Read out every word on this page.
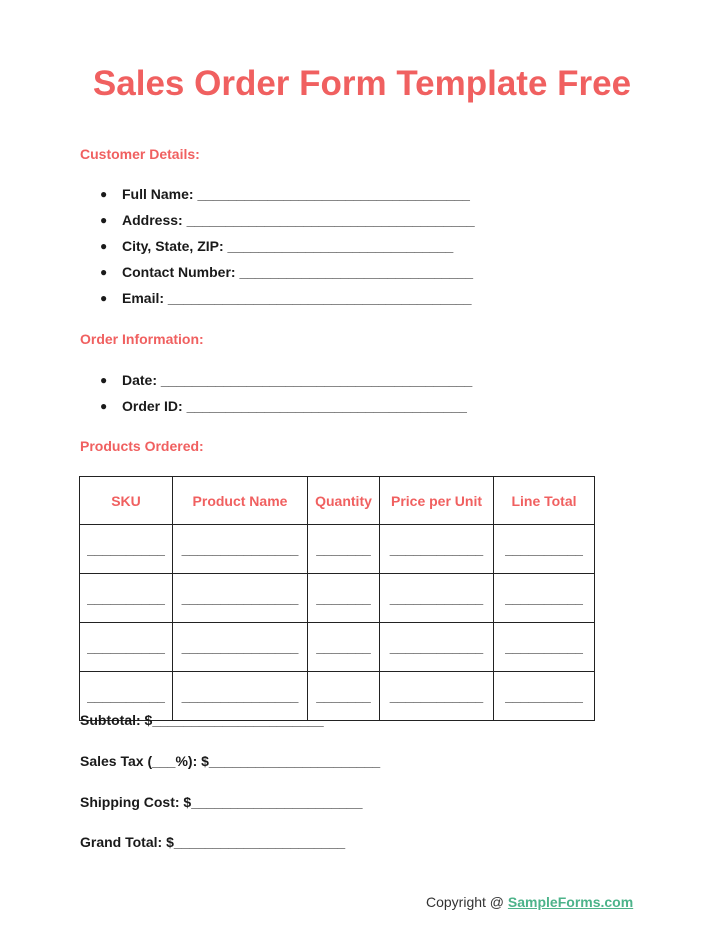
Sales Order Form Template Free
Customer Details:
●	Full Name: ___________________________________
●	Address: _____________________________________
●	City, State, ZIP: _____________________________
●	Contact Number: ______________________________
●	Email: _______________________________________
Order Information:
●	Date: ________________________________________
●	Order ID: ____________________________________
Products Ordered:
SKU	Product Name	Quantity	Price per Unit	Line Total
__________	_______________	_______	____________	__________
__________	_______________	_______	____________	__________
__________	_______________	_______	____________	__________
__________	_______________	_______	____________	__________
Subtotal: $______________________
Sales Tax (___%): $______________________
Shipping Cost: $______________________
Grand Total: $______________________
Copyright @ SampleForms.com
